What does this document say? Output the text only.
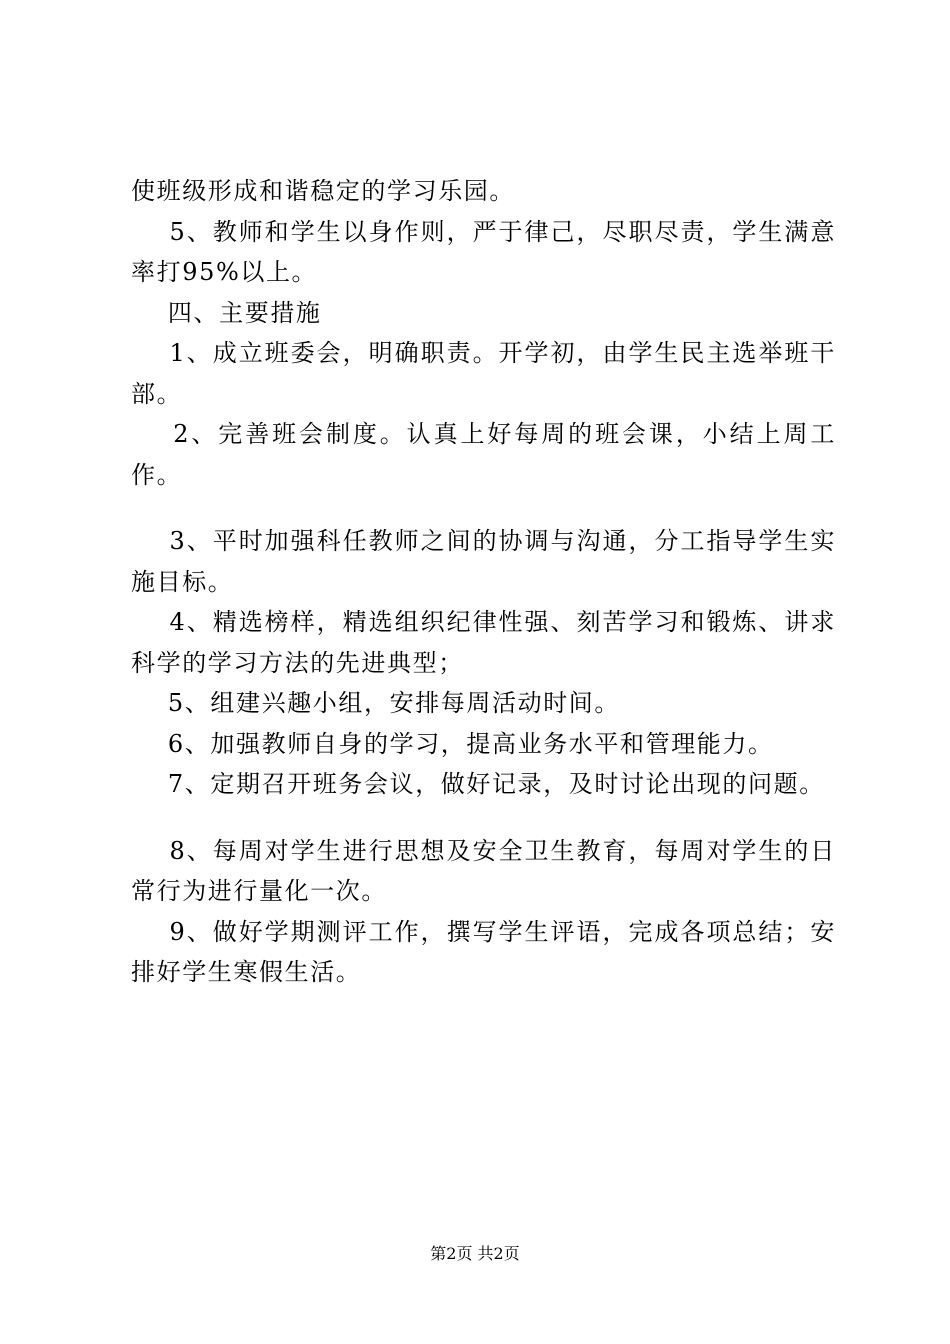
使班级形成和谐稳定的学习乐园。

5、教师和学生以身作则，严于律己，尽职尽责，学生满意率打95%以上。

四、主要措施

1、成立班委会，明确职责。开学初，由学生民主选举班干部。

2、完善班会制度。认真上好每周的班会课，小结上周工作。

3、平时加强科任教师之间的协调与沟通，分工指导学生实施目标。

4、精选榜样，精选组织纪律性强、刻苦学习和锻炼、讲求科学的学习方法的先进典型；

5、组建兴趣小组，安排每周活动时间。

6、加强教师自身的学习，提高业务水平和管理能力。

7、定期召开班务会议，做好记录，及时讨论出现的问题。

8、每周对学生进行思想及安全卫生教育，每周对学生的日常行为进行量化一次。

9、做好学期测评工作，撰写学生评语，完成各项总结；安排好学生寒假生活。

第2页 共2页
